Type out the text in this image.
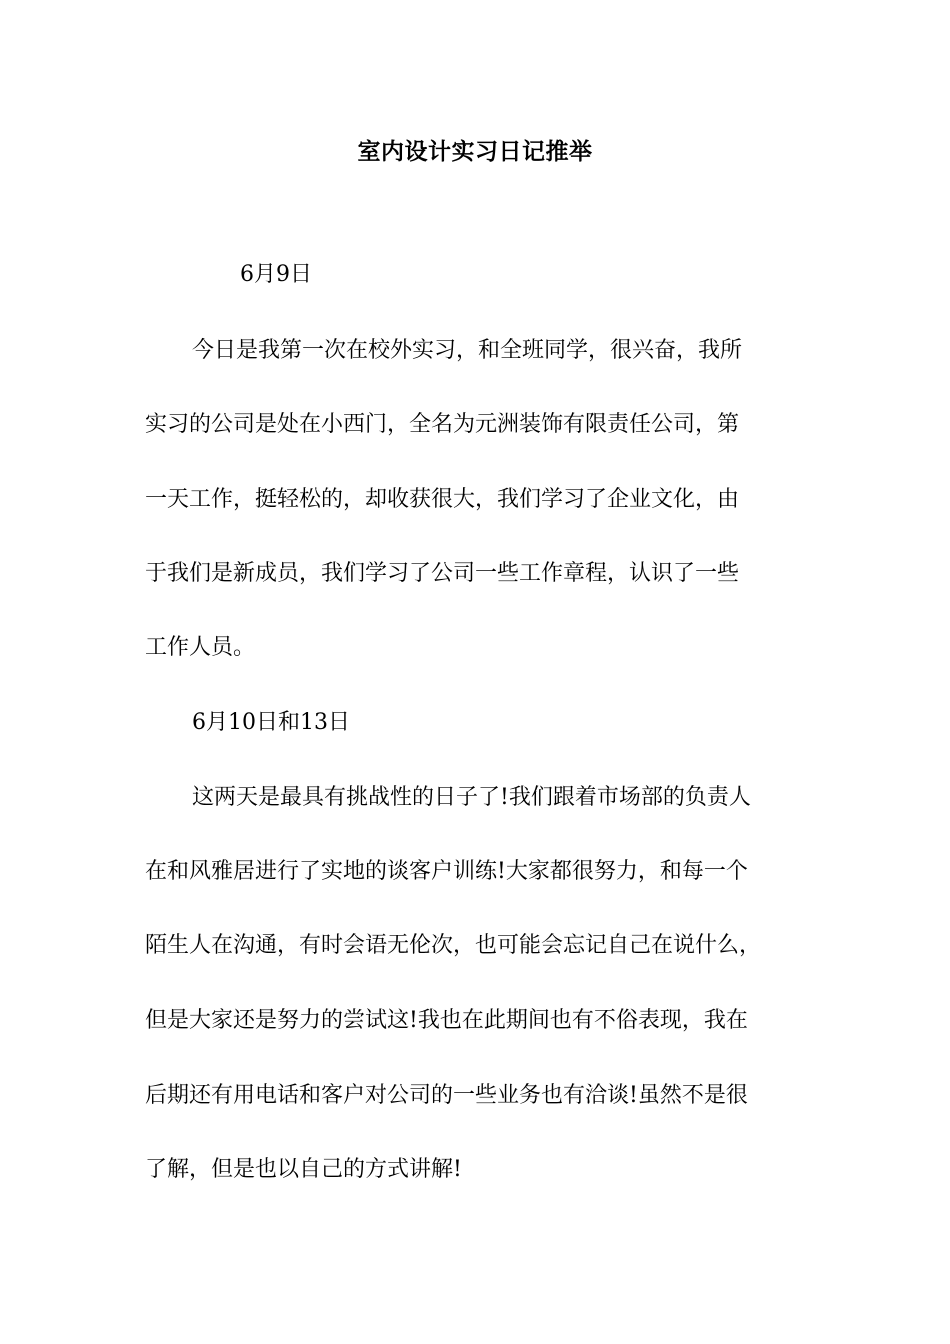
室内设计实习日记推举
6月9日
今日是我第一次在校外实习，和全班同学，很兴奋，我所
实习的公司是处在小西门，全名为元洲装饰有限责任公司，第
一天工作，挺轻松的，却收获很大，我们学习了企业文化，由
于我们是新成员，我们学习了公司一些工作章程，认识了一些
工作人员。
6月10日和13日
这两天是最具有挑战性的日子了!我们跟着市场部的负责人
在和风雅居进行了实地的谈客户训练!大家都很努力，和每一个
陌生人在沟通，有时会语无伦次，也可能会忘记自己在说什么，
但是大家还是努力的尝试这!我也在此期间也有不俗表现，我在
后期还有用电话和客户对公司的一些业务也有洽谈!虽然不是很
了解，但是也以自己的方式讲解!
